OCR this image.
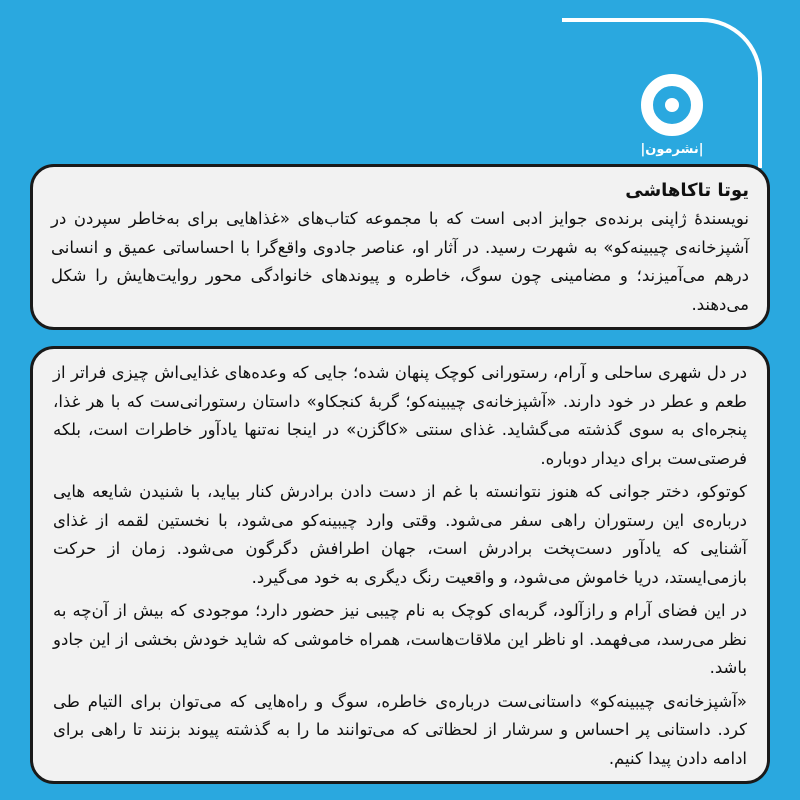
|نشرمون|
یوتا تاکاهاشی

نویسندهٔ ژاپنی برنده‌ی جوایز ادبی است که با مجموعه کتاب‌های «غذاهایی برای به‌خاطر سپردن در آشپزخانه‌ی چیبینه‌کو» به شهرت رسید. در آثار او، عناصر جادوی واقع‌گرا با احساساتی عمیق و انسانی درهم می‌آمیزند؛ و مضامینی چون سوگ، خاطره و پیوندهای خانوادگی محور روایت‌هایش را شکل می‌دهند.

در دل شهری ساحلی و آرام، رستورانی کوچک پنهان شده؛ جایی که وعده‌های غذایی‌اش چیزی فراتر از طعم و عطر در خود دارند. «آشپزخانه‌ی چیبینه‌کو؛ گربهٔ کنجکاو» داستان رستورانی‌ست که با هر غذا، پنجره‌ای به سوی گذشته می‌گشاید. غذای سنتی «کاگزن» در اینجا نه‌تنها یادآور خاطرات است، بلکه فرصتی‌ست برای دیدار دوباره.

کوتوکو، دختر جوانی که هنوز نتوانسته با غم از دست دادن برادرش کنار بیاید، با شنیدن شایعه هایی درباره‌ی این رستوران راهی سفر می‌شود. وقتی وارد چیبینه‌کو می‌شود، با نخستین لقمه از غذای آشنایی که یادآور دست‌پخت برادرش است، جهان اطرافش دگرگون می‌شود. زمان از حرکت بازمی‌ایستد، دریا خاموش می‌شود، و واقعیت رنگ دیگری به خود می‌گیرد.

در این فضای آرام و رازآلود، گربه‌ای کوچک به نام چیبی نیز حضور دارد؛ موجودی که بیش از آن‌چه به نظر می‌رسد، می‌فهمد. او ناظر این ملاقات‌هاست، همراه خاموشی که شاید خودش بخشی از این جادو باشد.

«آشپزخانه‌ی چیبینه‌کو» داستانی‌ست درباره‌ی خاطره، سوگ و راه‌هایی که می‌توان برای التیام طی کرد. داستانی پر احساس و سرشار از لحظاتی که می‌توانند ما را به گذشته پیوند بزنند تا راهی برای ادامه دادن پیدا کنیم.
